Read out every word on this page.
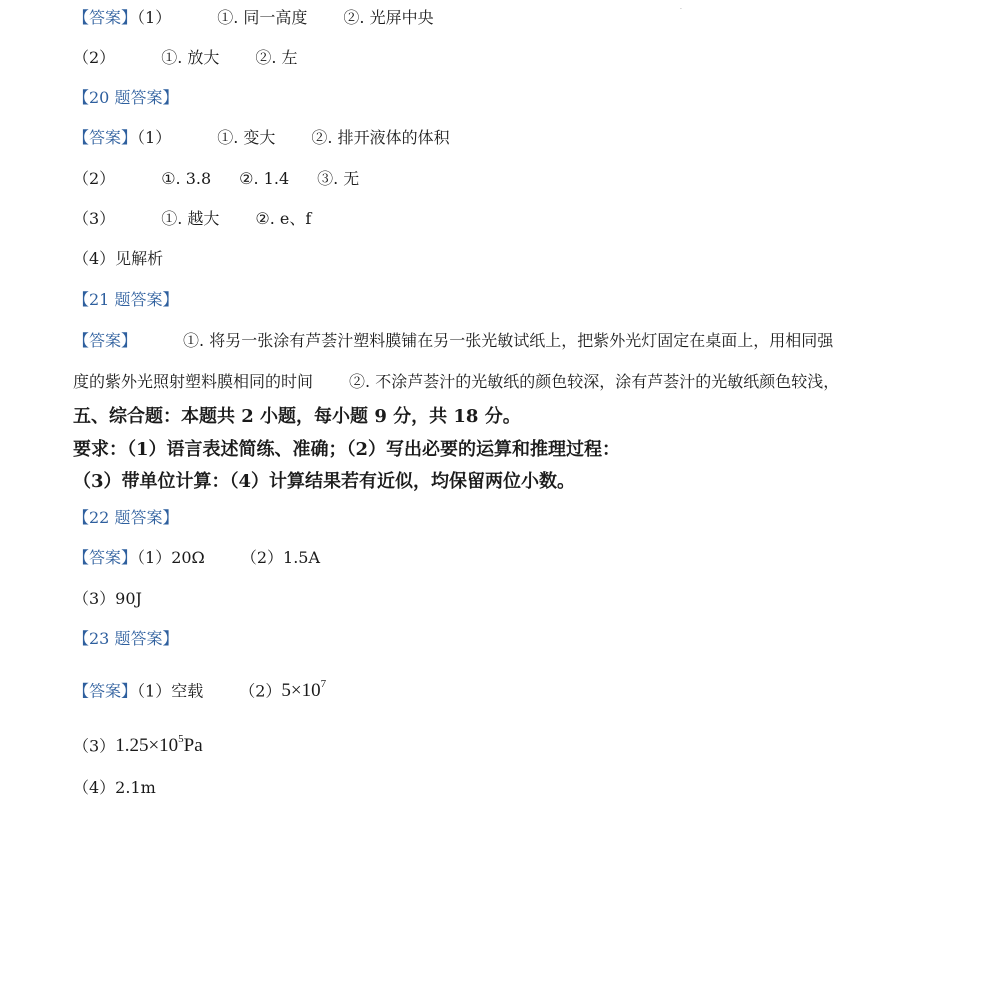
·
【答案】（1）	①. 同一高度 ②. 光屏中央
（2）	①. 放大 ②. 左
【20 题答案】
【答案】（1）	①. 变大 ②. 排开液体的体积
（2）	①. 3.8 ②. 1.4 ③. 无
（3）	①. 越大 ②. e、f
（4）见解析
【21 题答案】
【答案】	①. 将另一张涂有芦荟汁塑料膜铺在另一张光敏试纸上，把紫外光灯固定在桌面上，用相同强
度的紫外光照射塑料膜相同的时间 ②. 不涂芦荟汁的光敏纸的颜色较深，涂有芦荟汁的光敏纸颜色较浅，
五、综合题：本题共 2 小题，每小题 9 分，共 18 分。
要求：（1）语言表述简练、准确；（2）写出必要的运算和推理过程：
（3）带单位计算：（4）计算结果若有近似，均保留两位小数。
【22 题答案】
【答案】（1）20Ω （2）1.5A
（3）90J
【23 题答案】
【答案】（1）空载 $(2)5\times 10^7$
$(3)1.25\times 10^5Pa$
（4）2.1m
